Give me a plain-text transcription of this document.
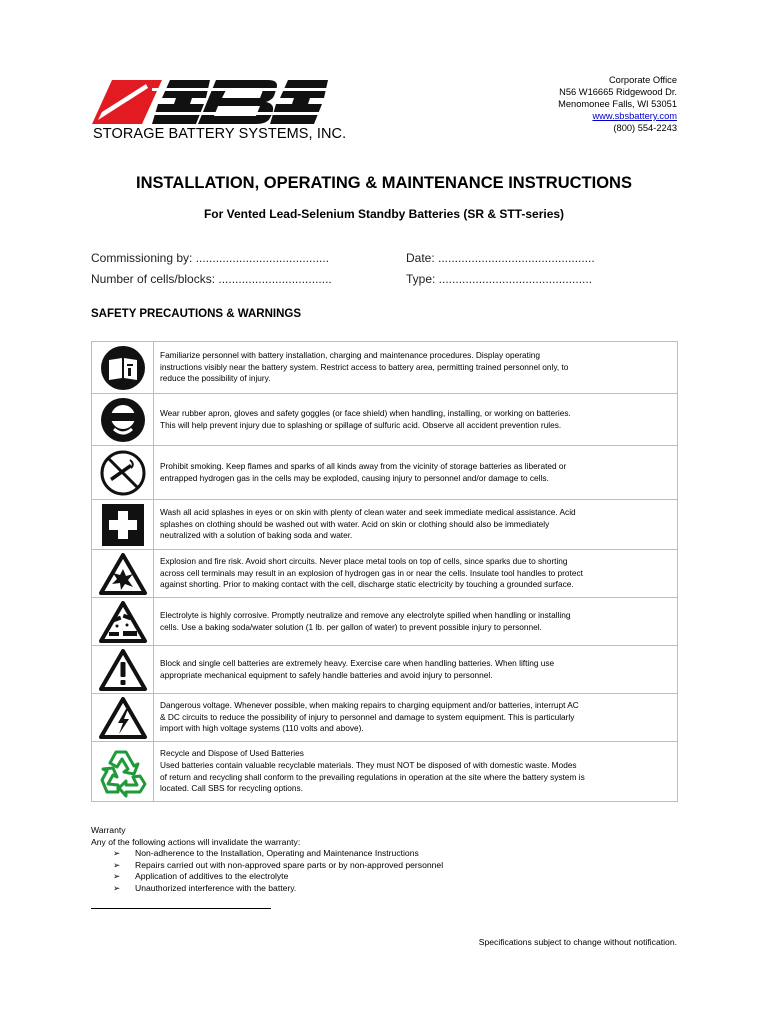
STORAGE BATTERY SYSTEMS, INC.
Corporate Office
N56 W16665 Ridgewood Dr.
Menomonee Falls, WI 53051
www.sbsbattery.com
(800) 554-2243
INSTALLATION, OPERATING & MAINTENANCE INSTRUCTIONS
For Vented Lead-Selenium Standby Batteries (SR & STT-series)
Commissioning by: ........................................	Date: ...............................................
Number of cells/blocks: ..................................	Type: ..............................................
SAFETY PRECAUTIONS & WARNINGS

Familiarize personnel with battery installation, charging and maintenance procedures. Display operating
instructions visibly near the battery system. Restrict access to battery area, permitting trained personnel only, to
reduce the possibility of injury.

Wear rubber apron, gloves and safety goggles (or face shield) when handling, installing, or working on batteries.
This will help prevent injury due to splashing or spillage of sulfuric acid. Observe all accident prevention rules.

Prohibit smoking. Keep flames and sparks of all kinds away from the vicinity of storage batteries as liberated or
entrapped hydrogen gas in the cells may be exploded, causing injury to personnel and/or damage to cells.

Wash all acid splashes in eyes or on skin with plenty of clean water and seek immediate medical assistance. Acid
splashes on clothing should be washed out with water. Acid on skin or clothing should also be immediately
neutralized with a solution of baking soda and water.

Explosion and fire risk. Avoid short circuits. Never place metal tools on top of cells, since sparks due to shorting
across cell terminals may result in an explosion of hydrogen gas in or near the cells. Insulate tool handles to protect
against shorting. Prior to making contact with the cell, discharge static electricity by touching a grounded surface.

Electrolyte is highly corrosive. Promptly neutralize and remove any electrolyte spilled when handling or installing
cells. Use a baking soda/water solution (1 lb. per gallon of water) to prevent possible injury to personnel.

Block and single cell batteries are extremely heavy. Exercise care when handling batteries. When lifting use
appropriate mechanical equipment to safely handle batteries and avoid injury to personnel.

Dangerous voltage. Whenever possible, when making repairs to charging equipment and/or batteries, interrupt AC
& DC circuits to reduce the possibility of injury to personnel and damage to system equipment. This is particularly
import with high voltage systems (110 volts and above).

Recycle and Dispose of Used Batteries
Used batteries contain valuable recyclable materials. They must NOT be disposed of with domestic waste. Modes
of return and recycling shall conform to the prevailing regulations in operation at the site where the battery system is
located. Call SBS for recycling options.
Warranty
Any of the following actions will invalidate the warranty:
➢ Non-adherence to the Installation, Operating and Maintenance Instructions
➢ Repairs carried out with non-approved spare parts or by non-approved personnel
➢ Application of additives to the electrolyte
➢ Unauthorized interference with the battery.
Specifications subject to change without notification.
